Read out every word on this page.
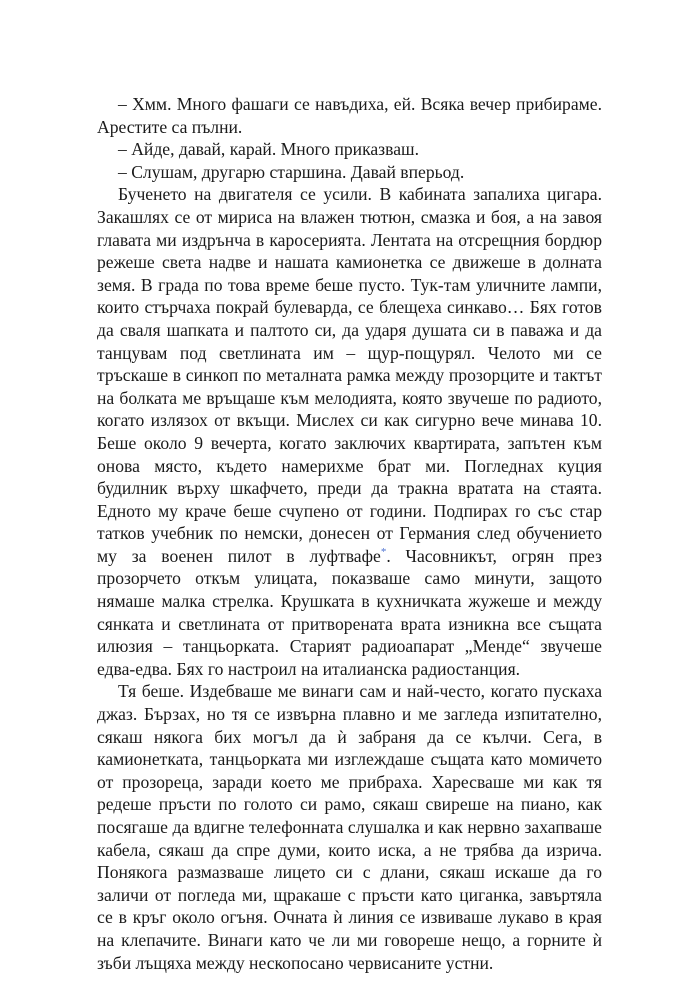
– Хмм. Много фашаги се навъдиха, ей. Всяка вечер прибираме. Арестите са пълни.

– Айде, давай, карай. Много приказваш.

– Слушам, другарю старшина. Давай вперьод.

Бученето на двигателя се усили. В кабината запалиха цигара. Закашлях се от мириса на влажен тютюн, смазка и боя, а на завоя главата ми издрънча в каросерията. Лентата на отсрещния бордюр режеше света надве и нашата камионетка се движеше в долната земя. В града по това време беше пусто. Тук-там уличните лампи, които стърчаха покрай булеварда, се блещеха синкаво… Бях готов да сваля шапката и палтото си, да ударя душата си в паважа и да танцувам под светлината им – щур-пощурял. Челото ми се тръскаше в синкоп по металната рамка между прозорците и тактът на болката ме връщаше към мелодията, която звучеше по радиото, когато излязох от вкъщи. Мислех си как сигурно вече минава 10. Беше около 9 вечерта, когато заключих квартирата, запътен към онова място, където намерихме брат ми. Погледнах куция будилник върху шкафчето, преди да тракна вратата на стаята. Едното му краче беше счупено от години. Подпирах го със стар татков учебник по немски, донесен от Германия след обучението му за военен пилот в луфтвафе*. Часовникът, огрян през прозорчето откъм улицата, показваше само минути, защото нямаше малка стрелка. Крушката в кухничката жужеше и между сянката и светлината от притворената врата изникна все същата илюзия – танцьорката. Старият радиоапарат „Менде“ звучеше едва-едва. Бях го настроил на италианска радиостанция.

Тя беше. Издебваше ме винаги сам и най-често, когато пускаха джаз. Бързах, но тя се извърна плавно и ме загледа изпитателно, сякаш някога бих могъл да ѝ забраня да се кълчи. Сега, в камионетката, танцьорката ми изглеждаше същата като момичето от прозореца, заради което ме прибраха. Харесваше ми как тя редеше пръсти по голото си рамо, сякаш свиреше на пиано, как посягаше да вдигне телефонната слушалка и как нервно захапваше кабела, сякаш да спре думи, които иска, а не трябва да изрича. Понякога размазваше лицето си с длани, сякаш искаше да го заличи от погледа ми, щракаше с пръсти като циганка, завъртяла се в кръг около огъня. Очната ѝ линия се извиваше лукаво в края на клепачите. Винаги като че ли ми говореше нещо, а горните ѝ зъби лъщяха между нескопосано червисаните устни.
